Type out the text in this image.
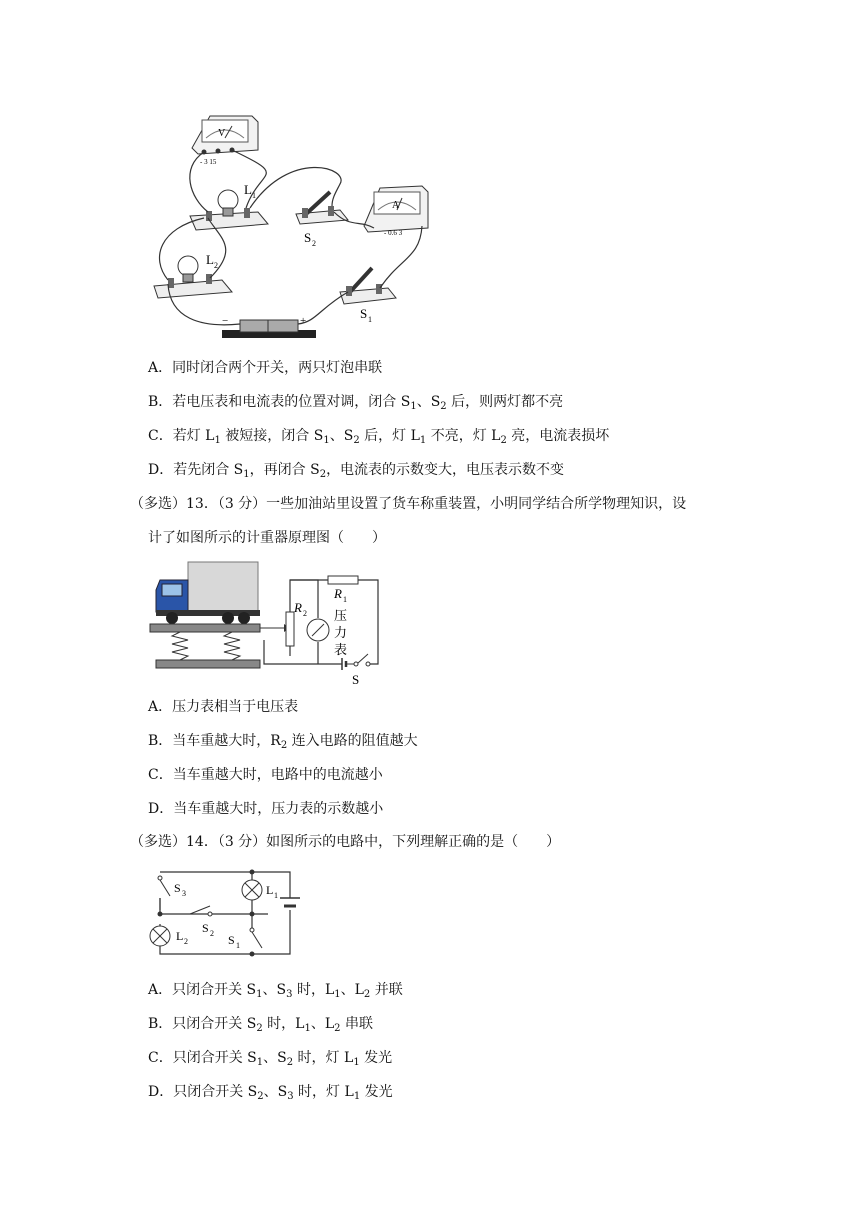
V
- 3 15
L 1
L 2
S 2
A
- 0.6 3
S 1
−	+
A．同时闭合两个开关，两只灯泡串联
B．若电压表和电流表的位置对调，闭合 $S_1$、$S_2$ 后，则两灯都不亮
C．若灯 $L_1$ 被短接，闭合 $S_1$、$S_2$ 后，灯 $L_1$ 不亮，灯 $L_2$ 亮，电流表损坏
D．若先闭合 $S_1$，再闭合 $S_2$，电流表的示数变大，电压表示数不变
（多选）13．（3 分）一些加油站里设置了货车称重装置，小明同学结合所学物理知识，设
计了如图所示的计重器原理图（　　）
R 2
R 1
压
力
表
S
A．压力表相当于电压表
B．当车重越大时，$R_2$ 连入电路的阻值越大
C．当车重越大时，电路中的电流越小
D．当车重越大时，压力表的示数越小
（多选）14．（3 分）如图所示的电路中，下列理解正确的是（　　）
S 3	L 1
L 2
S 2 S 1
A．只闭合开关 $S_1$、$S_3$ 时，$L_1$、$L_2$ 并联
B．只闭合开关 $S_2$ 时，$L_1$、$L_2$ 串联
C．只闭合开关 $S_1$、$S_2$ 时，灯 $L_1$ 发光
D．只闭合开关 $S_2$、$S_3$ 时，灯 $L_1$ 发光
